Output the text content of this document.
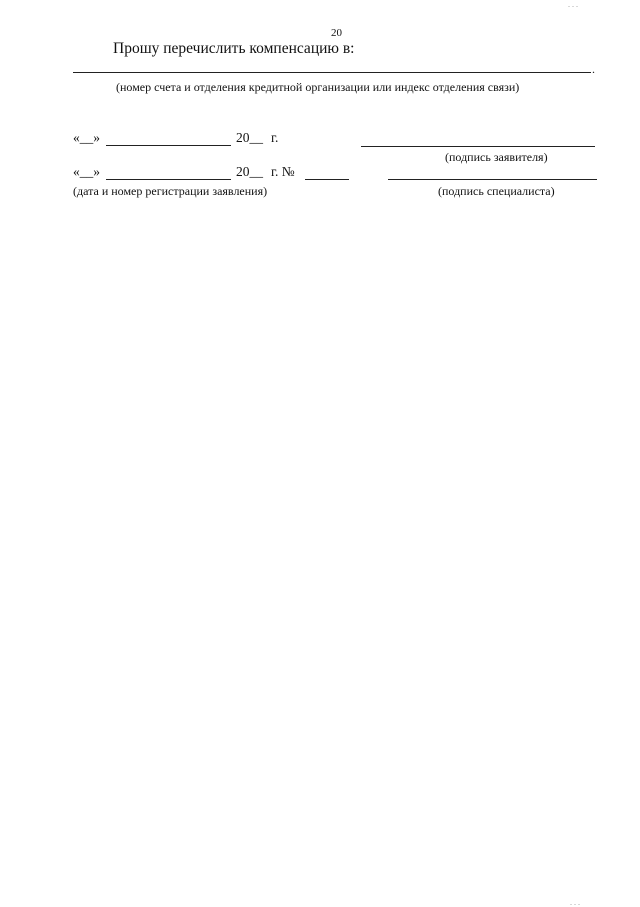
20
Прошу перечислить компенсацию в:
.
(номер счета и отделения кредитной организации или индекс отделения связи)
«__»	20__ г.
(подпись заявителя)
«__»	20__ г. №
(дата и номер регистрации заявления)	(подпись специалиста)
. . .
. . .
